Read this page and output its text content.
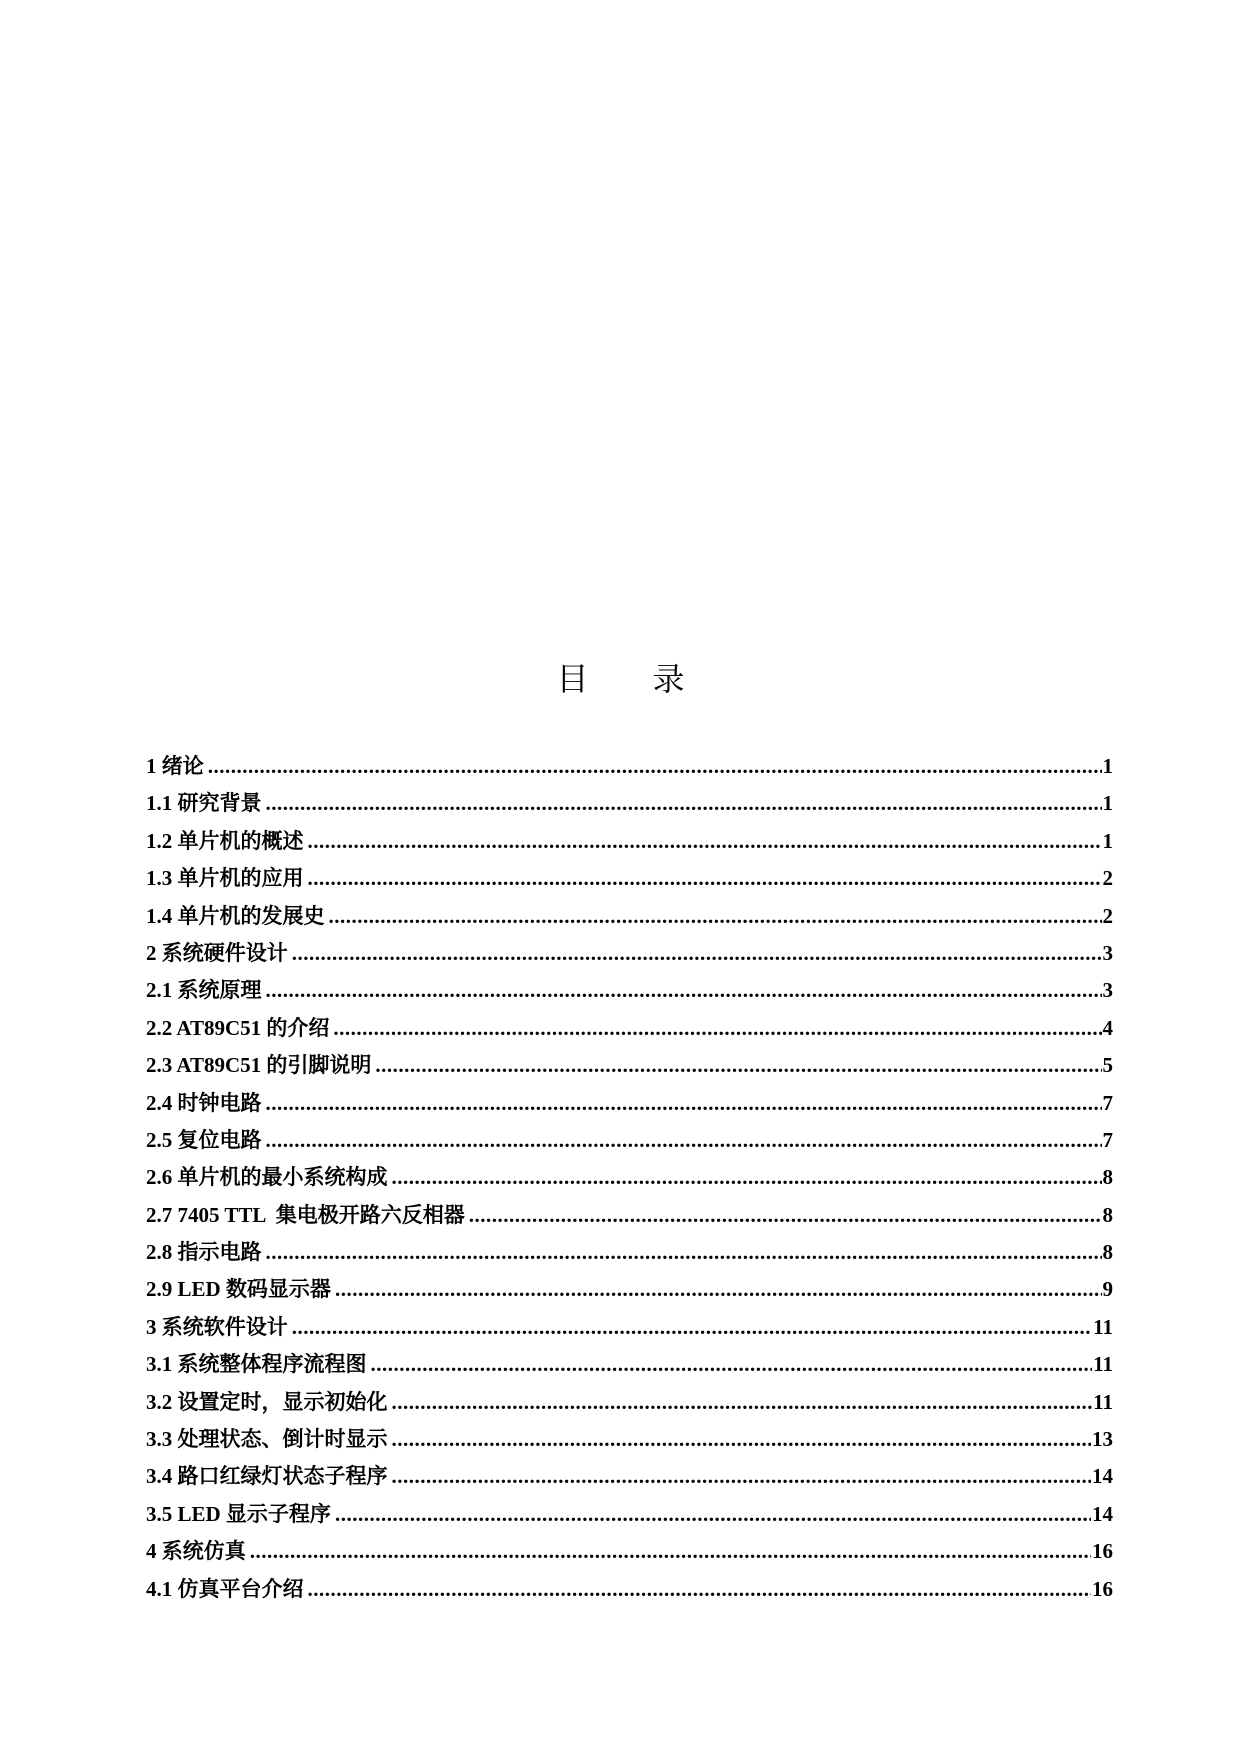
目 录
1 绪论 .....	1
1.1 研究背景 .....	1
1.2 单片机的概述 .....	1
1.3 单片机的应用 .....	2
1.4 单片机的发展史 .....	2
2 系统硬件设计 .....	3
2.1 系统原理 .....	3
2.2 AT89C51 的介绍 .....	4
2.3 AT89C51 的引脚说明 .....	5
2.4 时钟电路 .....	7
2.5 复位电路 .....	7
2.6 单片机的最小系统构成 .....	8
2.7 7405 TTL  集电极开路六反相器 .....	8
2.8 指示电路 .....	8
2.9 LED 数码显示器 .....	9
3 系统软件设计 .....	11
3.1 系统整体程序流程图 .....	11
3.2 设置定时，显示初始化 .....	11
3.3 处理状态、倒计时显示 .....	13
3.4 路口红绿灯状态子程序 .....	14
3.5 LED 显示子程序 .....	14
4 系统仿真 .....	16
4.1 仿真平台介绍 .....	16
